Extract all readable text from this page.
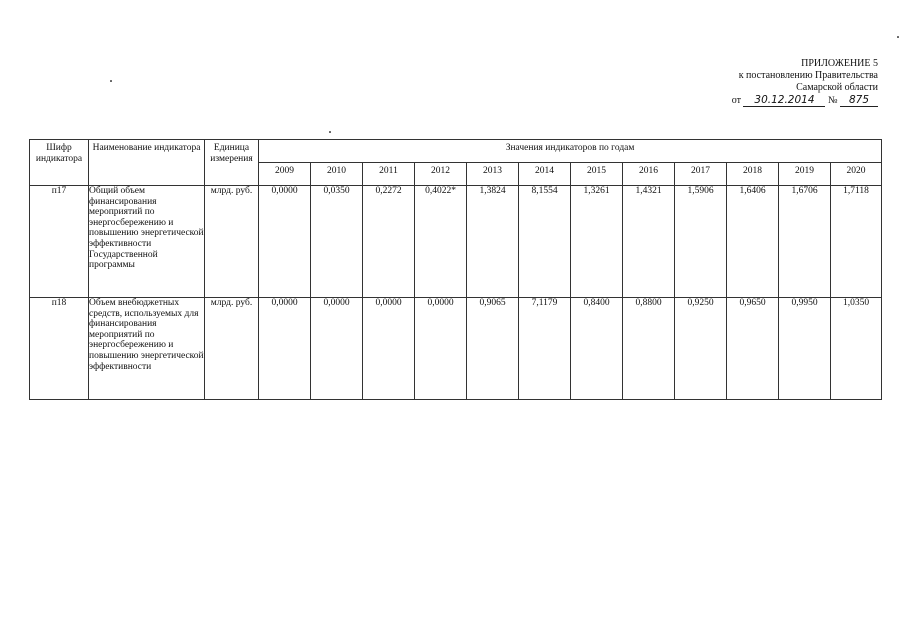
ПРИЛОЖЕНИЕ 5
к постановлению Правительства
Самарской области
от 30.12.2014 № 875
Шифр индикатора	Наименование индикатора	Единица измерения	Значения индикаторов по годам											
			2009	2010	2011	2012	2013	2014	2015	2016	2017	2018	2019	2020
п17	Общий объем финансирования мероприятий по энергосбережению и повышению энергетической эффективности Государственной программы	млрд. руб.	0,0000	0,0350	0,2272	0,4022*	1,3824	8,1554	1,3261	1,4321	1,5906	1,6406	1,6706	1,7118
п18	Объем внебюджетных средств, используемых для финансирования мероприятий по энергосбережению и повышению энергетической эффективности	млрд. руб.	0,0000	0,0000	0,0000	0,0000	0,9065	7,1179	0,8400	0,8800	0,9250	0,9650	0,9950	1,0350
